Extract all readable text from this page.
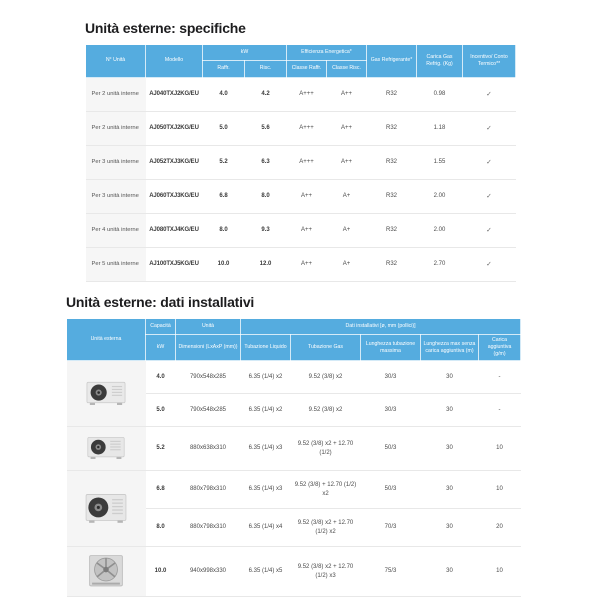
Unità esterne: specifiche
N° Unità	Modello	kW		Efficienza Energetica*		Gas Refrigerante*	Carica Gas Refrig. (Kg)	Incentivo/ Conto Termico**
		Raffr.	Risc.	Classe Raffr.	Classe Risc.			
Per 2 unità interne	AJ040TXJ2KG/EU	4.0	4.2	A+++	A++	R32	0.98	✓
Per 2 unità interne	AJ050TXJ2KG/EU	5.0	5.6	A+++	A++	R32	1.18	✓
Per 3 unità interne	AJ052TXJ3KG/EU	5.2	6.3	A+++	A++	R32	1.55	✓
Per 3 unità interne	AJ060TXJ3KG/EU	6.8	8.0	A++	A+	R32	2.00	✓
Per 4 unità interne	AJ080TXJ4KG/EU	8.0	9.3	A++	A+	R32	2.00	✓
Per 5 unità interne	AJ100TXJ5KG/EU	10.0	12.0	A++	A+	R32	2.70	✓
Unità esterne: dati installativi
Unità esterna	Capacità	Unità	Dati installativi [ø, mm (pollici)]				
	kW	Dimensioni (LxAxP (mm))	Tubazione Liquido	Tubazione Gas	Lunghezza tubazione massima	Lunghezza max senza carica aggiuntiva (m)	Carica aggiuntiva (g/m)
	4.0	790x548x285	6.35 (1/4) x2	9.52 (3/8) x2	30/3	30	-
	5.0	790x548x285	6.35 (1/4) x2	9.52 (3/8) x2	30/3	30	-
	5.2	880x638x310	6.35 (1/4) x3	9.52 (3/8) x2 + 12.70 (1/2)	50/3	30	10
	6.8	880x798x310	6.35 (1/4) x3	9.52 (3/8) + 12.70 (1/2) x2	50/3	30	10
	8.0	880x798x310	6.35 (1/4) x4	9.52 (3/8) x2 + 12.70 (1/2) x2	70/3	30	20
	10.0	940x998x330	6.35 (1/4) x5	9.52 (3/8) x2 + 12.70 (1/2) x3	75/3	30	10
